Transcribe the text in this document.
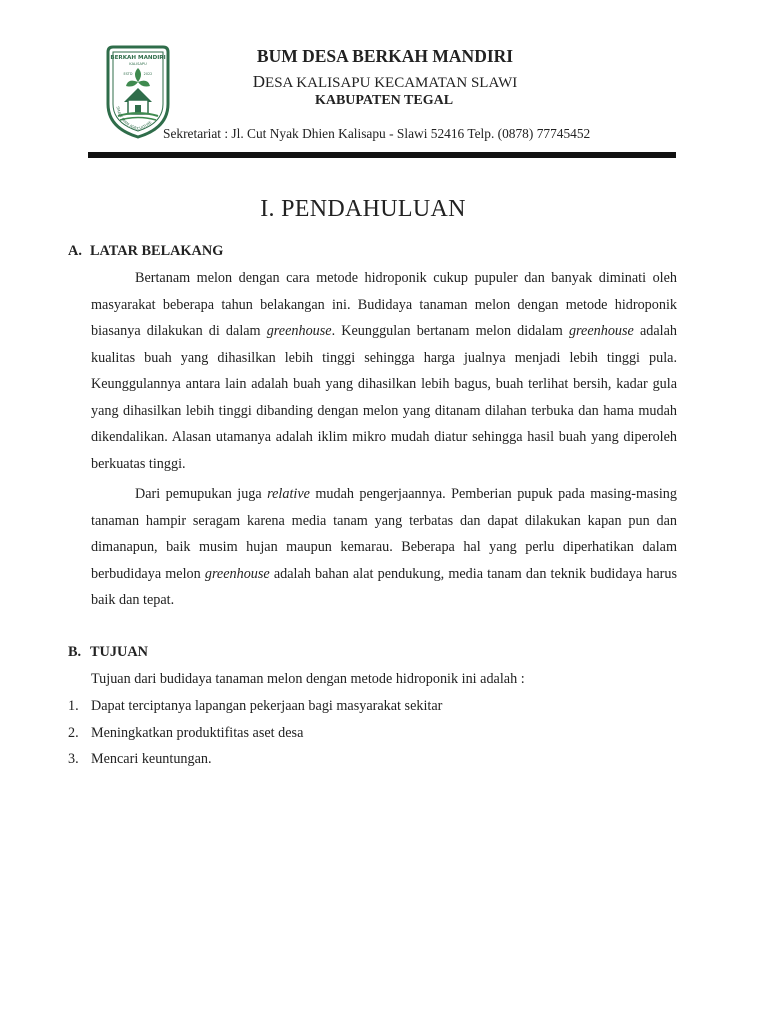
BERKAH MANDIRI
KALISAPU
ESTD	2022
SMART FARM AGRICULTURE
BUM DESA BERKAH MANDIRI
DESA KALISAPU KECAMATAN SLAWI
KABUPATEN TEGAL
Sekretariat : Jl. Cut Nyak Dhien Kalisapu - Slawi 52416 Telp. (0878) 77745452
I. PENDAHULUAN
A. LATAR BELAKANG

Bertanam melon dengan cara metode hidroponik cukup pupuler dan banyak diminati oleh masyarakat beberapa tahun belakangan ini. Budidaya tanaman melon dengan metode hidroponik biasanya dilakukan di dalam greenhouse. Keunggulan bertanam melon didalam greenhouse adalah kualitas buah yang dihasilkan lebih tinggi sehingga harga jualnya menjadi lebih tinggi pula. Keunggulannya antara lain adalah buah yang dihasilkan lebih bagus, buah terlihat bersih, kadar gula yang dihasilkan lebih tinggi dibanding dengan melon yang ditanam dilahan terbuka dan hama mudah dikendalikan. Alasan utamanya adalah iklim mikro mudah diatur sehingga hasil buah yang diperoleh berkuatas tinggi.

Dari pemupukan juga relative mudah pengerjaannya. Pemberian pupuk pada masing-masing tanaman hampir seragam karena media tanam yang terbatas dan dapat dilakukan kapan pun dan dimanapun, baik musim hujan maupun kemarau. Beberapa hal yang perlu diperhatikan dalam berbudidaya melon greenhouse adalah bahan alat pendukung, media tanam dan teknik budidaya harus baik dan tepat.

B. TUJUAN
Tujuan dari budidaya tanaman melon dengan metode hidroponik ini adalah :
1. Dapat terciptanya lapangan pekerjaan bagi masyarakat sekitar
2. Meningkatkan produktifitas aset desa
3. Mencari keuntungan.
